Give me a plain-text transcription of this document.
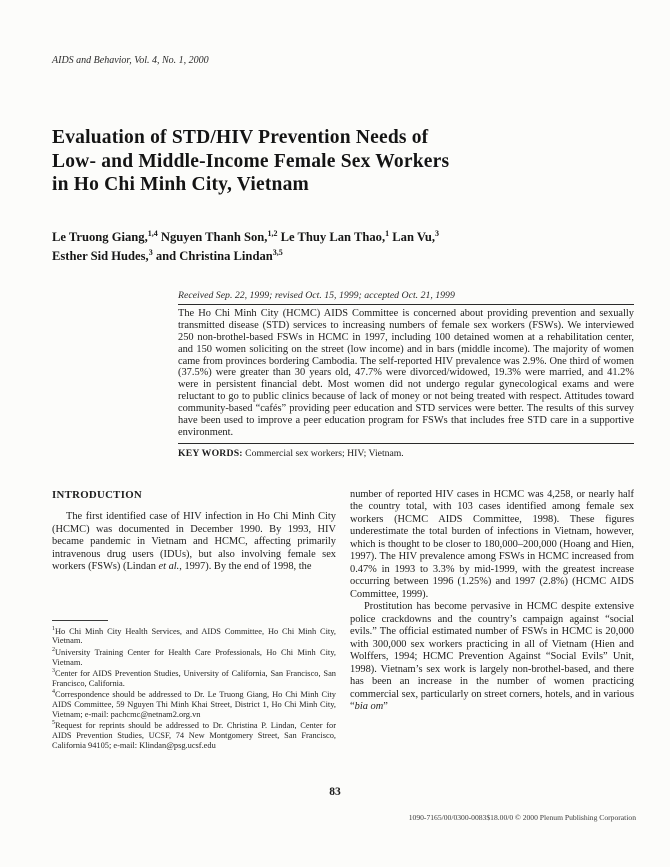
AIDS and Behavior, Vol. 4, No. 1, 2000
Evaluation of STD/HIV Prevention Needs of
Low- and Middle-Income Female Sex Workers
in Ho Chi Minh City, Vietnam
Le Truong Giang,$^{1,4}$ Nguyen Thanh Son,$^{1,2}$ Le Thuy Lan Thao,$^1$ Lan Vu,$^3$
Esther Sid Hudes,$^3$ and Christina Lindan$^{3,5}$
Received Sep. 22, 1999; revised Oct. 15, 1999; accepted Oct. 21, 1999
The Ho Chi Minh City (HCMC) AIDS Committee is concerned about providing prevention and sexually transmitted disease (STD) services to increasing numbers of female sex workers (FSWs). We interviewed 250 non-brothel-based FSWs in HCMC in 1997, including 100 detained women at a rehabilitation center, and 150 women soliciting on the street (low income) and in bars (middle income). The majority of women came from provinces bordering Cambodia. The self-reported HIV prevalence was 2.9%. One third of women (37.5%) were greater than 30 years old, 47.7% were divorced/widowed, 19.3% were married, and 41.2% were in persistent financial debt. Most women did not undergo regular gynecological exams and were reluctant to go to public clinics because of lack of money or not being treated with respect. Attitudes toward community-based “cafés” providing peer education and STD services were better. The results of this survey have been used to improve a peer education program for FSWs that includes free STD care in a supportive environment.
KEY WORDS: Commercial sex workers; HIV; Vietnam.
INTRODUCTION
The first identified case of HIV infection in Ho Chi Minh City (HCMC) was documented in December 1990. By 1993, HIV became pandemic in Vietnam and HCMC, affecting primarily intravenous drug users (IDUs), but also involving female sex workers (FSWs) (Lindan et al., 1997). By the end of 1998, the
$^1$Ho Chi Minh City Health Services, and AIDS Committee, Ho Chi Minh City, Vietnam.
$^2$University Training Center for Health Care Professionals, Ho Chi Minh City, Vietnam.
$^3$Center for AIDS Prevention Studies, University of California, San Francisco, San Francisco, California.
$^4$Correspondence should be addressed to Dr. Le Truong Giang, Ho Chi Minh City AIDS Committee, 59 Nguyen Thi Minh Khai Street, District 1, Ho Chi Minh City, Vietnam; e-mail: pachcmc@netnam2.org.vn
$^5$Request for reprints should be addressed to Dr. Christina P. Lindan, Center for AIDS Prevention Studies, UCSF, 74 New Montgomery Street, San Francisco, California 94105; e-mail: Klindan@psg.ucsf.edu
number of reported HIV cases in HCMC was 4,258, or nearly half the country total, with 103 cases identified among female sex workers (HCMC AIDS Committee, 1998). These figures underestimate the total burden of infections in Vietnam, however, which is thought to be closer to 180,000–200,000 (Hoang and Hien, 1997). The HIV prevalence among FSWs in HCMC increased from 0.47% in 1993 to 3.3% by mid-1999, with the greatest increase occurring between 1996 (1.25%) and 1997 (2.8%) (HCMC AIDS Committee, 1999).
Prostitution has become pervasive in HCMC despite extensive police crackdowns and the country’s campaign against “social evils.” The official estimated number of FSWs in HCMC is 20,000 with 300,000 sex workers practicing in all of Vietnam (Hien and Wolffers, 1994; HCMC Prevention Against “Social Evils” Unit, 1998). Vietnam’s sex work is largely non-brothel-based, and there has been an increase in the number of women practicing commercial sex, particularly on street corners, hotels, and in various “bia om”
83
1090-7165/00/0300-0083$18.00/0 © 2000 Plenum Publishing Corporation
